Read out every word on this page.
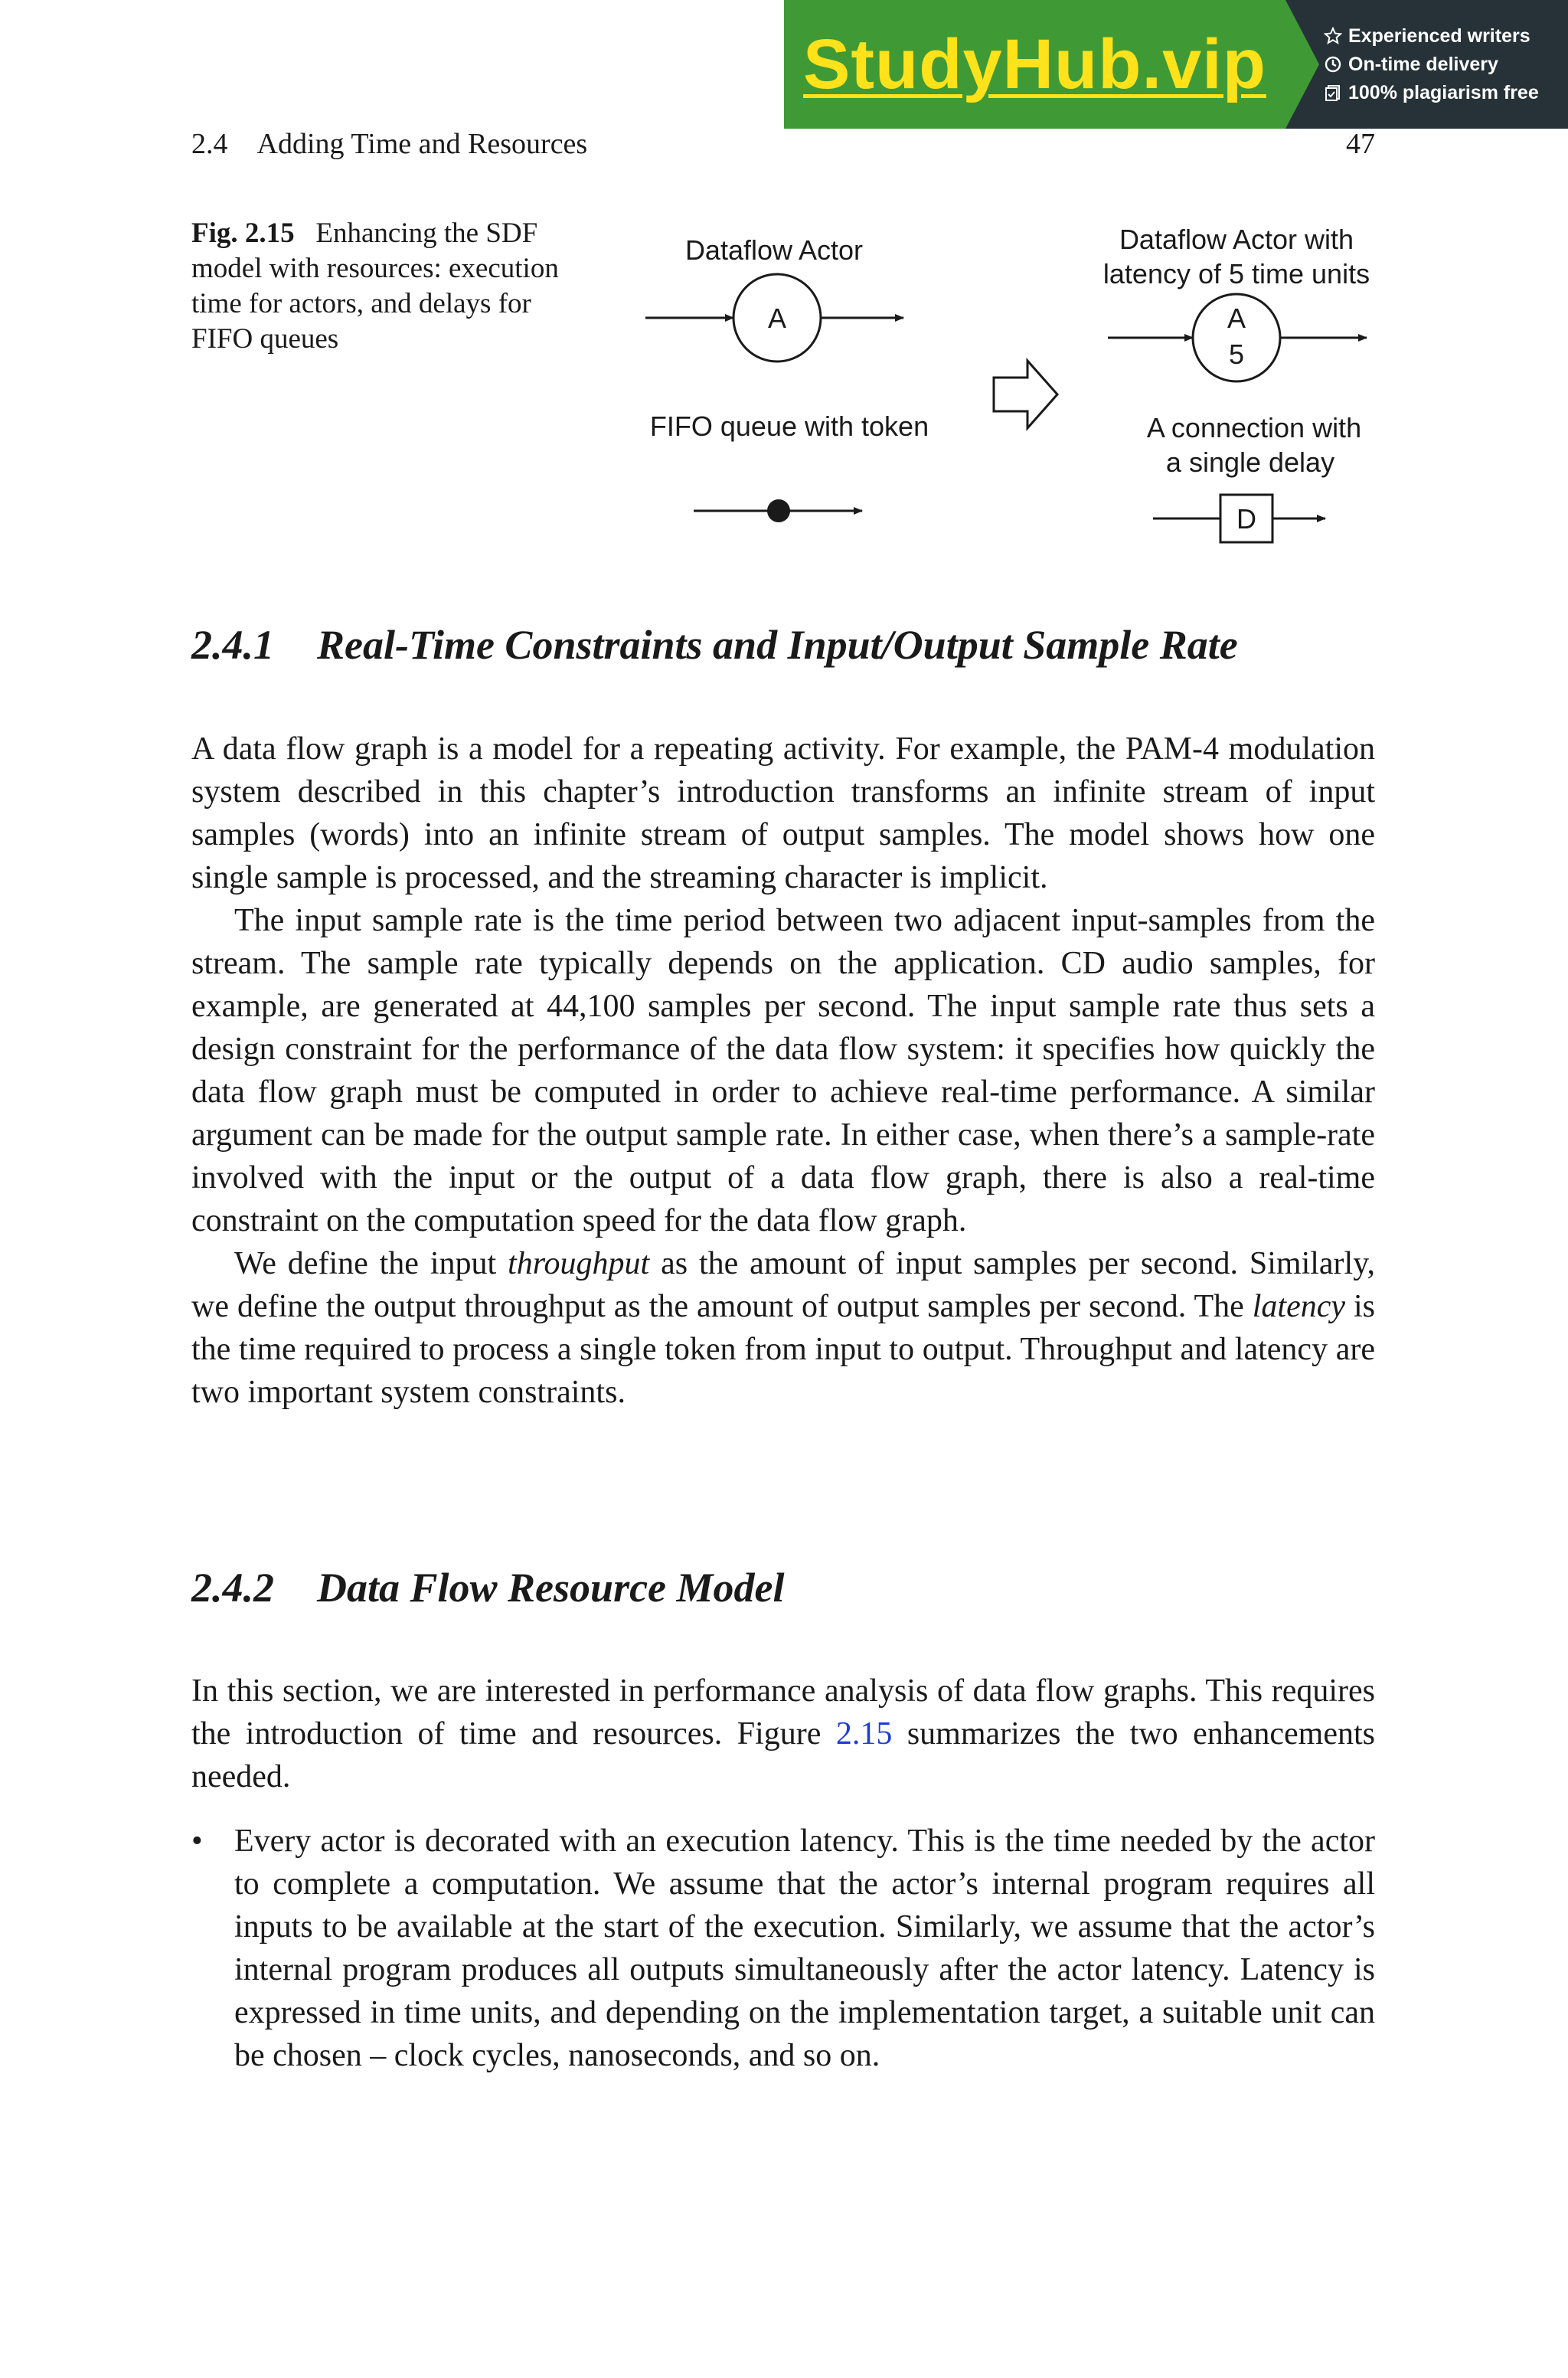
StudyHub.vip	Experienced writers
On-time delivery
100% plagiarism free
2.4 Adding Time and Resources	47
Fig. 2.15 Enhancing the SDF model with resources: execution time for actors, and delays for FIFO queues
Dataflow Actor
A
Dataflow Actor with
latency of 5 time units
A
5
FIFO queue with token	A connection with
a single delay
D
2.4.1 Real-Time Constraints and Input/Output Sample Rate

A data flow graph is a model for a repeating activity. For example, the PAM-4 modulation system described in this chapter’s introduction transforms an infinite stream of input samples (words) into an infinite stream of output samples. The model shows how one single sample is processed, and the streaming character is implicit.

The input sample rate is the time period between two adjacent input-samples from the stream. The sample rate typically depends on the application. CD audio samples, for example, are generated at 44,100 samples per second. The input sample rate thus sets a design constraint for the performance of the data flow system: it specifies how quickly the data flow graph must be computed in order to achieve real-time performance. A similar argument can be made for the output sample rate. In either case, when there’s a sample-rate involved with the input or the output of a data flow graph, there is also a real-time constraint on the computation speed for the data flow graph.

We define the input throughput as the amount of input samples per second. Similarly, we define the output throughput as the amount of output samples per second. The latency is the time required to process a single token from input to output. Throughput and latency are two important system constraints.

2.4.2 Data Flow Resource Model

In this section, we are interested in performance analysis of data flow graphs. This requires the introduction of time and resources. Figure 2.15 summarizes the two enhancements needed.

• Every actor is decorated with an execution latency. This is the time needed by the actor to complete a computation. We assume that the actor’s internal program requires all inputs to be available at the start of the execution. Similarly, we assume that the actor’s internal program produces all outputs simultaneously after the actor latency. Latency is expressed in time units, and depending on the implementation target, a suitable unit can be chosen – clock cycles, nanoseconds, and so on.
